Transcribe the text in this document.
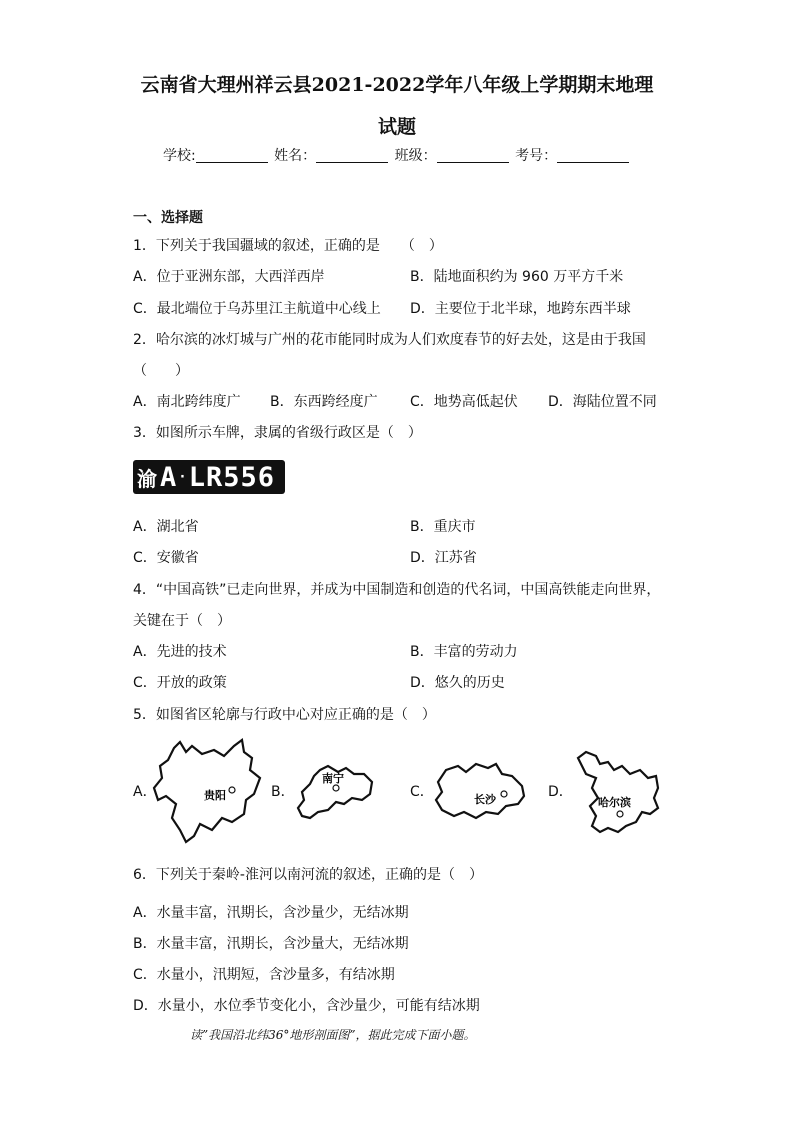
云南省大理州祥云县2021-2022学年八年级上学期期末地理
试题
学校:	姓名：	班级：	考号：
一、选择题
1．下列关于我国疆域的叙述，正确的是　　（　）
A．位于亚洲东部，大西洋西岸	B．陆地面积约为 960 万平方千米
C．最北端位于乌苏里江主航道中心线上 D．主要位于北半球，地跨东西半球
2．哈尔滨的冰灯城与广州的花市能同时成为人们欢度春节的好去处，这是由于我国
（　　）
A．南北跨纬度广 B．东西跨经度广 C．地势高低起伏 D．海陆位置不同
3．如图所示车牌，隶属的省级行政区是（　）
渝 A · LR556
A．湖北省	B．重庆市
C．安徽省	D．江苏省
4．“中国高铁”已走向世界，并成为中国制造和创造的代名词，中国高铁能走向世界，
关键在于（　）
A．先进的技术	B．丰富的劳动力
C．开放的政策	D．悠久的历史
5．如图省区轮廓与行政中心对应正确的是（　）
A．	贵阳	B．
南宁
C．	长沙	D．
哈尔滨
6．下列关于秦岭-淮河以南河流的叙述，正确的是（　）
A．水量丰富，汛期长，含沙量少，无结冰期
B．水量丰富，汛期长，含沙量大，无结冰期
C．水量小，汛期短，含沙量多，有结冰期
D．水量小，水位季节变化小，含沙量少，可能有结冰期
读”我国沿北纬36°地形剖面图”，据此完成下面小题。
